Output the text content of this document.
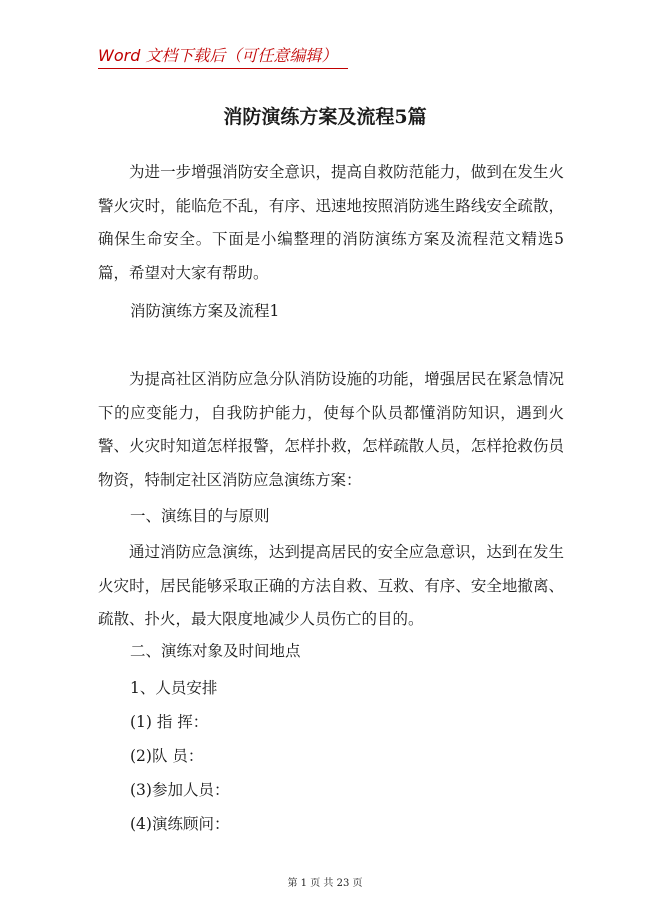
Word 文档下载后（可任意编辑）
消防演练方案及流程5篇
为进一步增强消防安全意识，提高自救防范能力，做到在发生火警火灾时，能临危不乱，有序、迅速地按照消防逃生路线安全疏散，确保生命安全。下面是小编整理的消防演练方案及流程范文精选5篇，希望对大家有帮助。
消防演练方案及流程1
为提高社区消防应急分队消防设施的功能，增强居民在紧急情况下的应变能力，自我防护能力，使每个队员都懂消防知识，遇到火警、火灾时知道怎样报警，怎样扑救，怎样疏散人员，怎样抢救伤员物资，特制定社区消防应急演练方案：
一、演练目的与原则
通过消防应急演练，达到提高居民的安全应急意识，达到在发生火灾时，居民能够采取正确的方法自救、互救、有序、安全地撤离、疏散、扑火，最大限度地减少人员伤亡的目的。
二、演练对象及时间地点
1、人员安排
(1) 指 挥：
(2)队 员：
(3)参加人员：
(4)演练顾问：
第 1 页 共 23 页
